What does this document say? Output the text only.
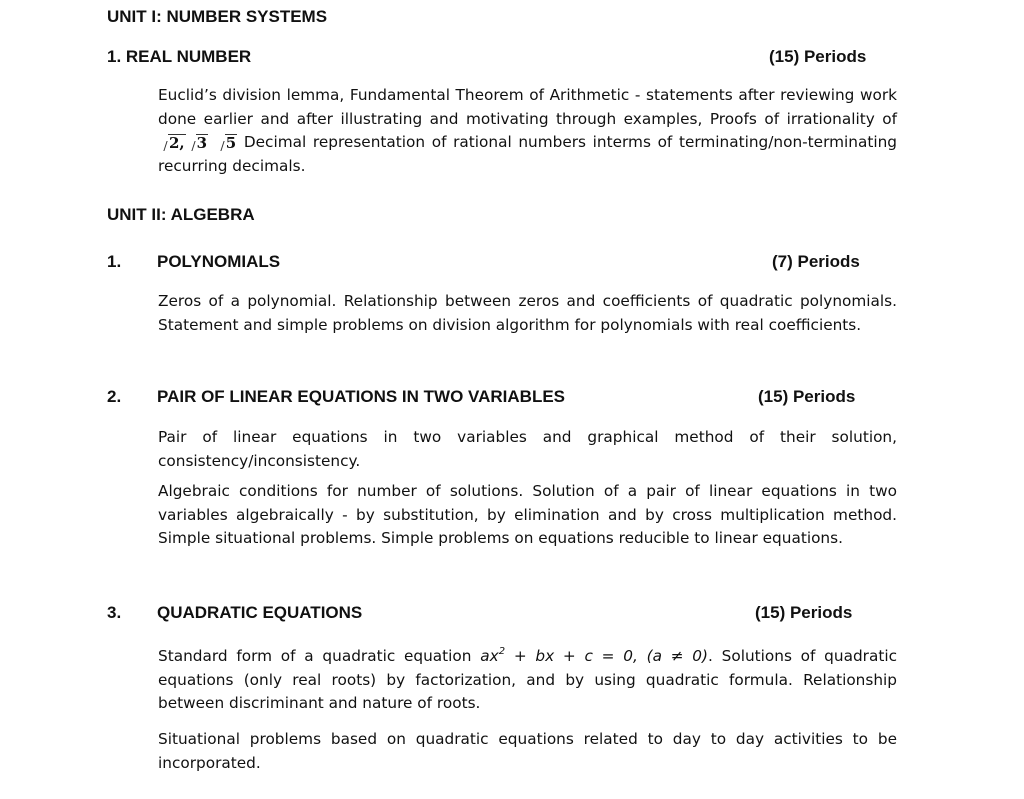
UNIT I: NUMBER SYSTEMS
1. REAL NUMBER	(15) Periods

Euclid’s division lemma, Fundamental Theorem of Arithmetic - statements after reviewing work done earlier and after illustrating and motivating through examples, Proofs of irrationality of 2, 3 5 Decimal representation of rational numbers interms of terminating/non-terminating recurring decimals.

UNIT II: ALGEBRA
1. POLYNOMIALS	(7) Periods

Zeros of a polynomial. Relationship between zeros and coefficients of quadratic polynomials. Statement and simple problems on division algorithm for polynomials with real coefficients.

2. PAIR OF LINEAR EQUATIONS IN TWO VARIABLES	(15) Periods

Pair of linear equations in two variables and graphical method of their solution, consistency/inconsistency.

Algebraic conditions for number of solutions. Solution of a pair of linear equations in two variables algebraically - by substitution, by elimination and by cross multiplication method. Simple situational problems. Simple problems on equations reducible to linear equations.

3. QUADRATIC EQUATIONS	(15) Periods

Standard form of a quadratic equation $ax^2$ + bx + c = 0, (a ≠ 0). Solutions of quadratic equations (only real roots) by factorization, and by using quadratic formula. Relationship between discriminant and nature of roots.

Situational problems based on quadratic equations related to day to day activities to be incorporated.
